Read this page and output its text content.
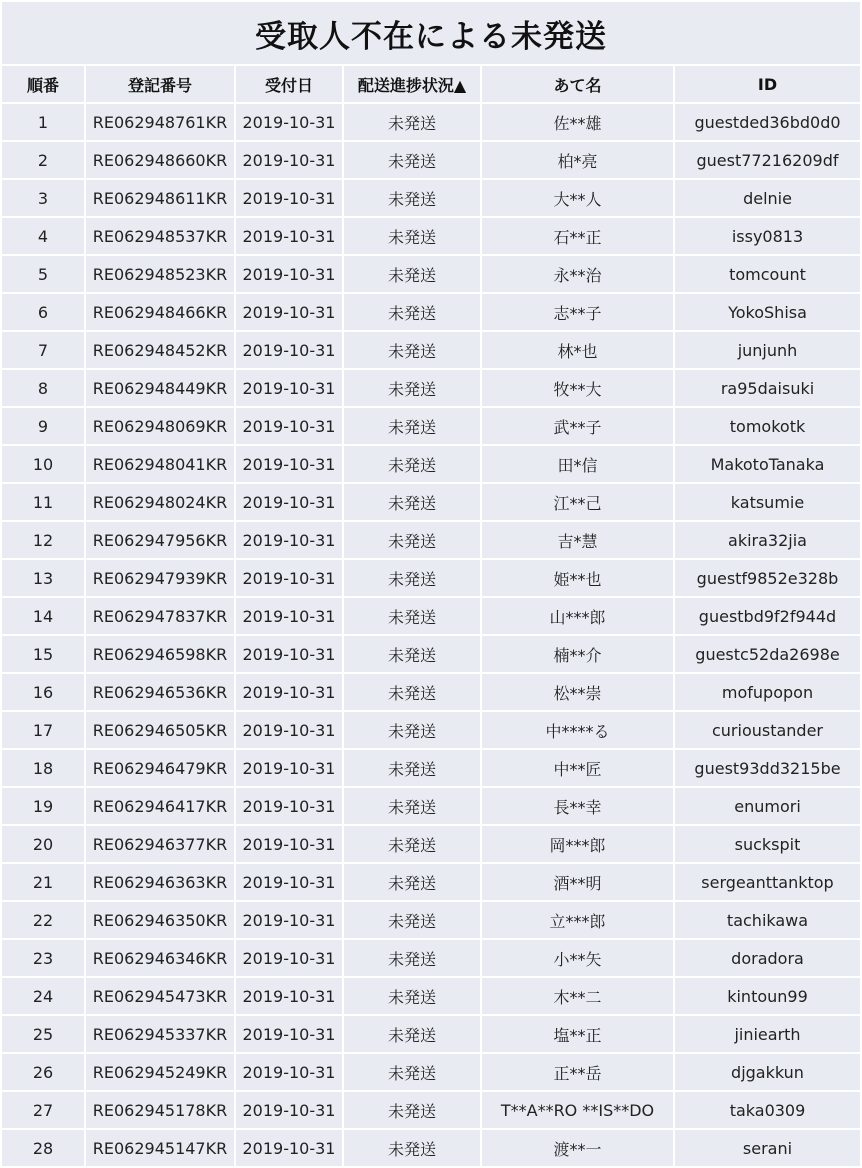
受取人不在による未発送
順番	登記番号	受付日	配送進捗状況▲	あて名	ID
1	RE062948761KR	2019-10-31	未発送	佐**雄	guestded36bd0d0
2	RE062948660KR	2019-10-31	未発送	柏*亮	guest77216209df
3	RE062948611KR	2019-10-31	未発送	大**人	delnie
4	RE062948537KR	2019-10-31	未発送	石**正	issy0813
5	RE062948523KR	2019-10-31	未発送	永**治	tomcount
6	RE062948466KR	2019-10-31	未発送	志**子	YokoShisa
7	RE062948452KR	2019-10-31	未発送	林*也	junjunh
8	RE062948449KR	2019-10-31	未発送	牧**大	ra95daisuki
9	RE062948069KR	2019-10-31	未発送	武**子	tomokotk
10	RE062948041KR	2019-10-31	未発送	田*信	MakotoTanaka
11	RE062948024KR	2019-10-31	未発送	江**己	katsumie
12	RE062947956KR	2019-10-31	未発送	吉*慧	akira32jia
13	RE062947939KR	2019-10-31	未発送	姫**也	guestf9852e328b
14	RE062947837KR	2019-10-31	未発送	山***郎	guestbd9f2f944d
15	RE062946598KR	2019-10-31	未発送	楠**介	guestc52da2698e
16	RE062946536KR	2019-10-31	未発送	松**崇	mofupopon
17	RE062946505KR	2019-10-31	未発送	中****る	curioustander
18	RE062946479KR	2019-10-31	未発送	中**匠	guest93dd3215be
19	RE062946417KR	2019-10-31	未発送	長**幸	enumori
20	RE062946377KR	2019-10-31	未発送	岡***郎	suckspit
21	RE062946363KR	2019-10-31	未発送	酒**明	sergeanttanktop
22	RE062946350KR	2019-10-31	未発送	立***郎	tachikawa
23	RE062946346KR	2019-10-31	未発送	小**矢	doradora
24	RE062945473KR	2019-10-31	未発送	木**二	kintoun99
25	RE062945337KR	2019-10-31	未発送	塩**正	jiniearth
26	RE062945249KR	2019-10-31	未発送	正**岳	djgakkun
27	RE062945178KR	2019-10-31	未発送	T**A**RO **IS**DO	taka0309
28	RE062945147KR	2019-10-31	未発送	渡**一	serani
